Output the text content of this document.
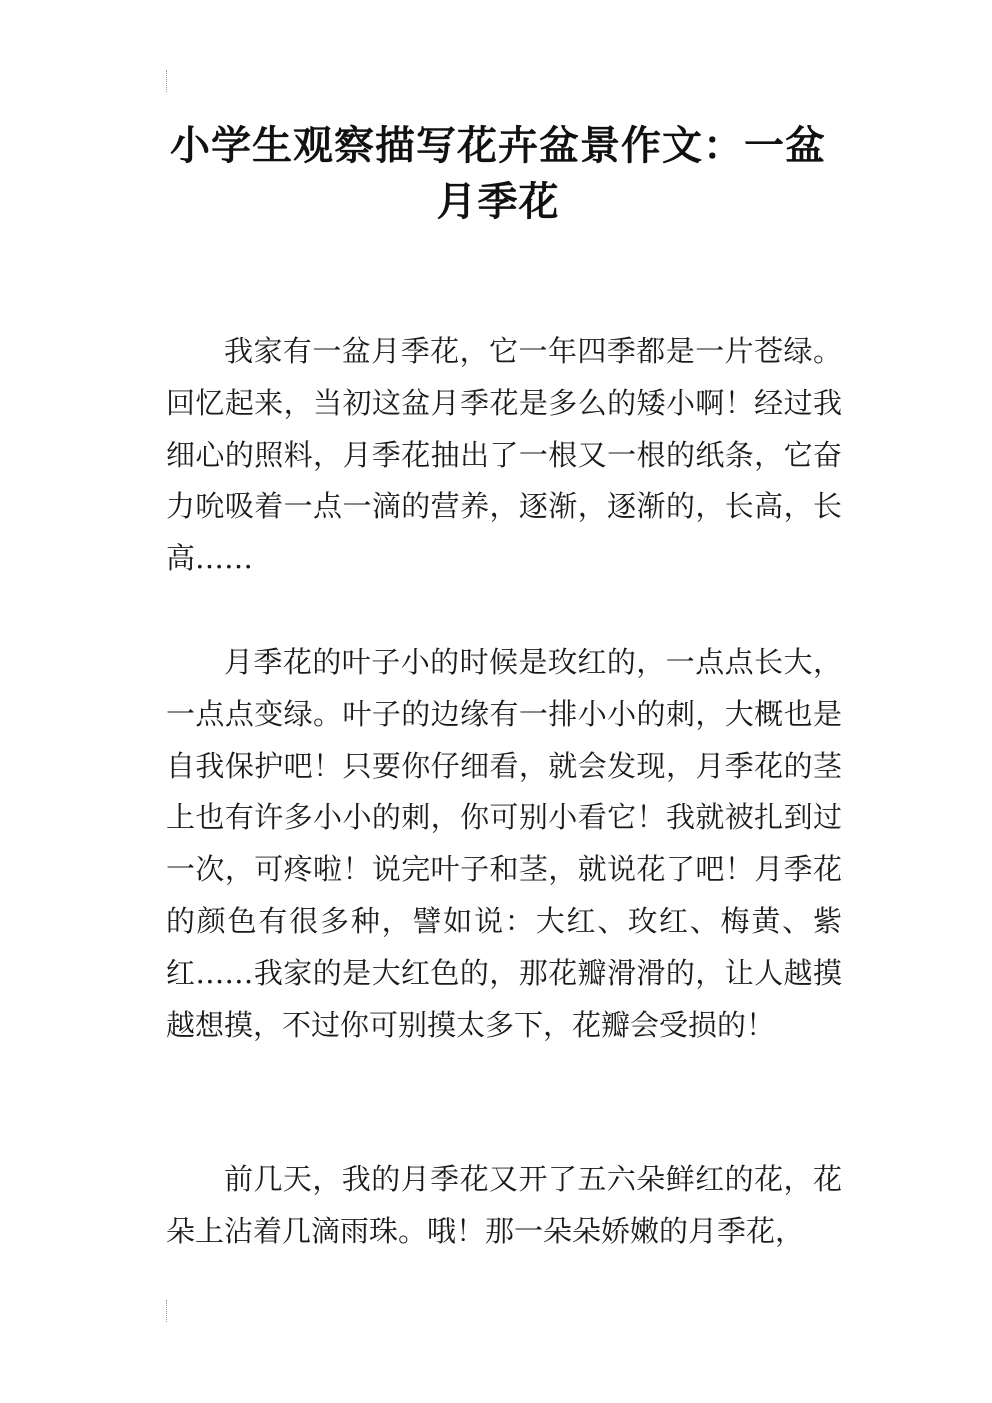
小学生观察描写花卉盆景作文：一盆月季花

我家有一盆月季花，它一年四季都是一片苍绿。回忆起来，当初这盆月季花是多么的矮小啊！经过我细心的照料，月季花抽出了一根又一根的纸条，它奋力吮吸着一点一滴的营养，逐渐，逐渐的，长高，长高……

月季花的叶子小的时候是玫红的，一点点长大，一点点变绿。叶子的边缘有一排小小的刺，大概也是自我保护吧！只要你仔细看，就会发现，月季花的茎上也有许多小小的刺，你可别小看它！我就被扎到过一次，可疼啦！说完叶子和茎，就说花了吧！月季花的颜色有很多种，譬如说：大红、玫红、梅黄、紫红……我家的是大红色的，那花瓣滑滑的，让人越摸越想摸，不过你可别摸太多下，花瓣会受损的！

前几天，我的月季花又开了五六朵鲜红的花，花朵上沾着几滴雨珠。哦！那一朵朵娇嫩的月季花，
